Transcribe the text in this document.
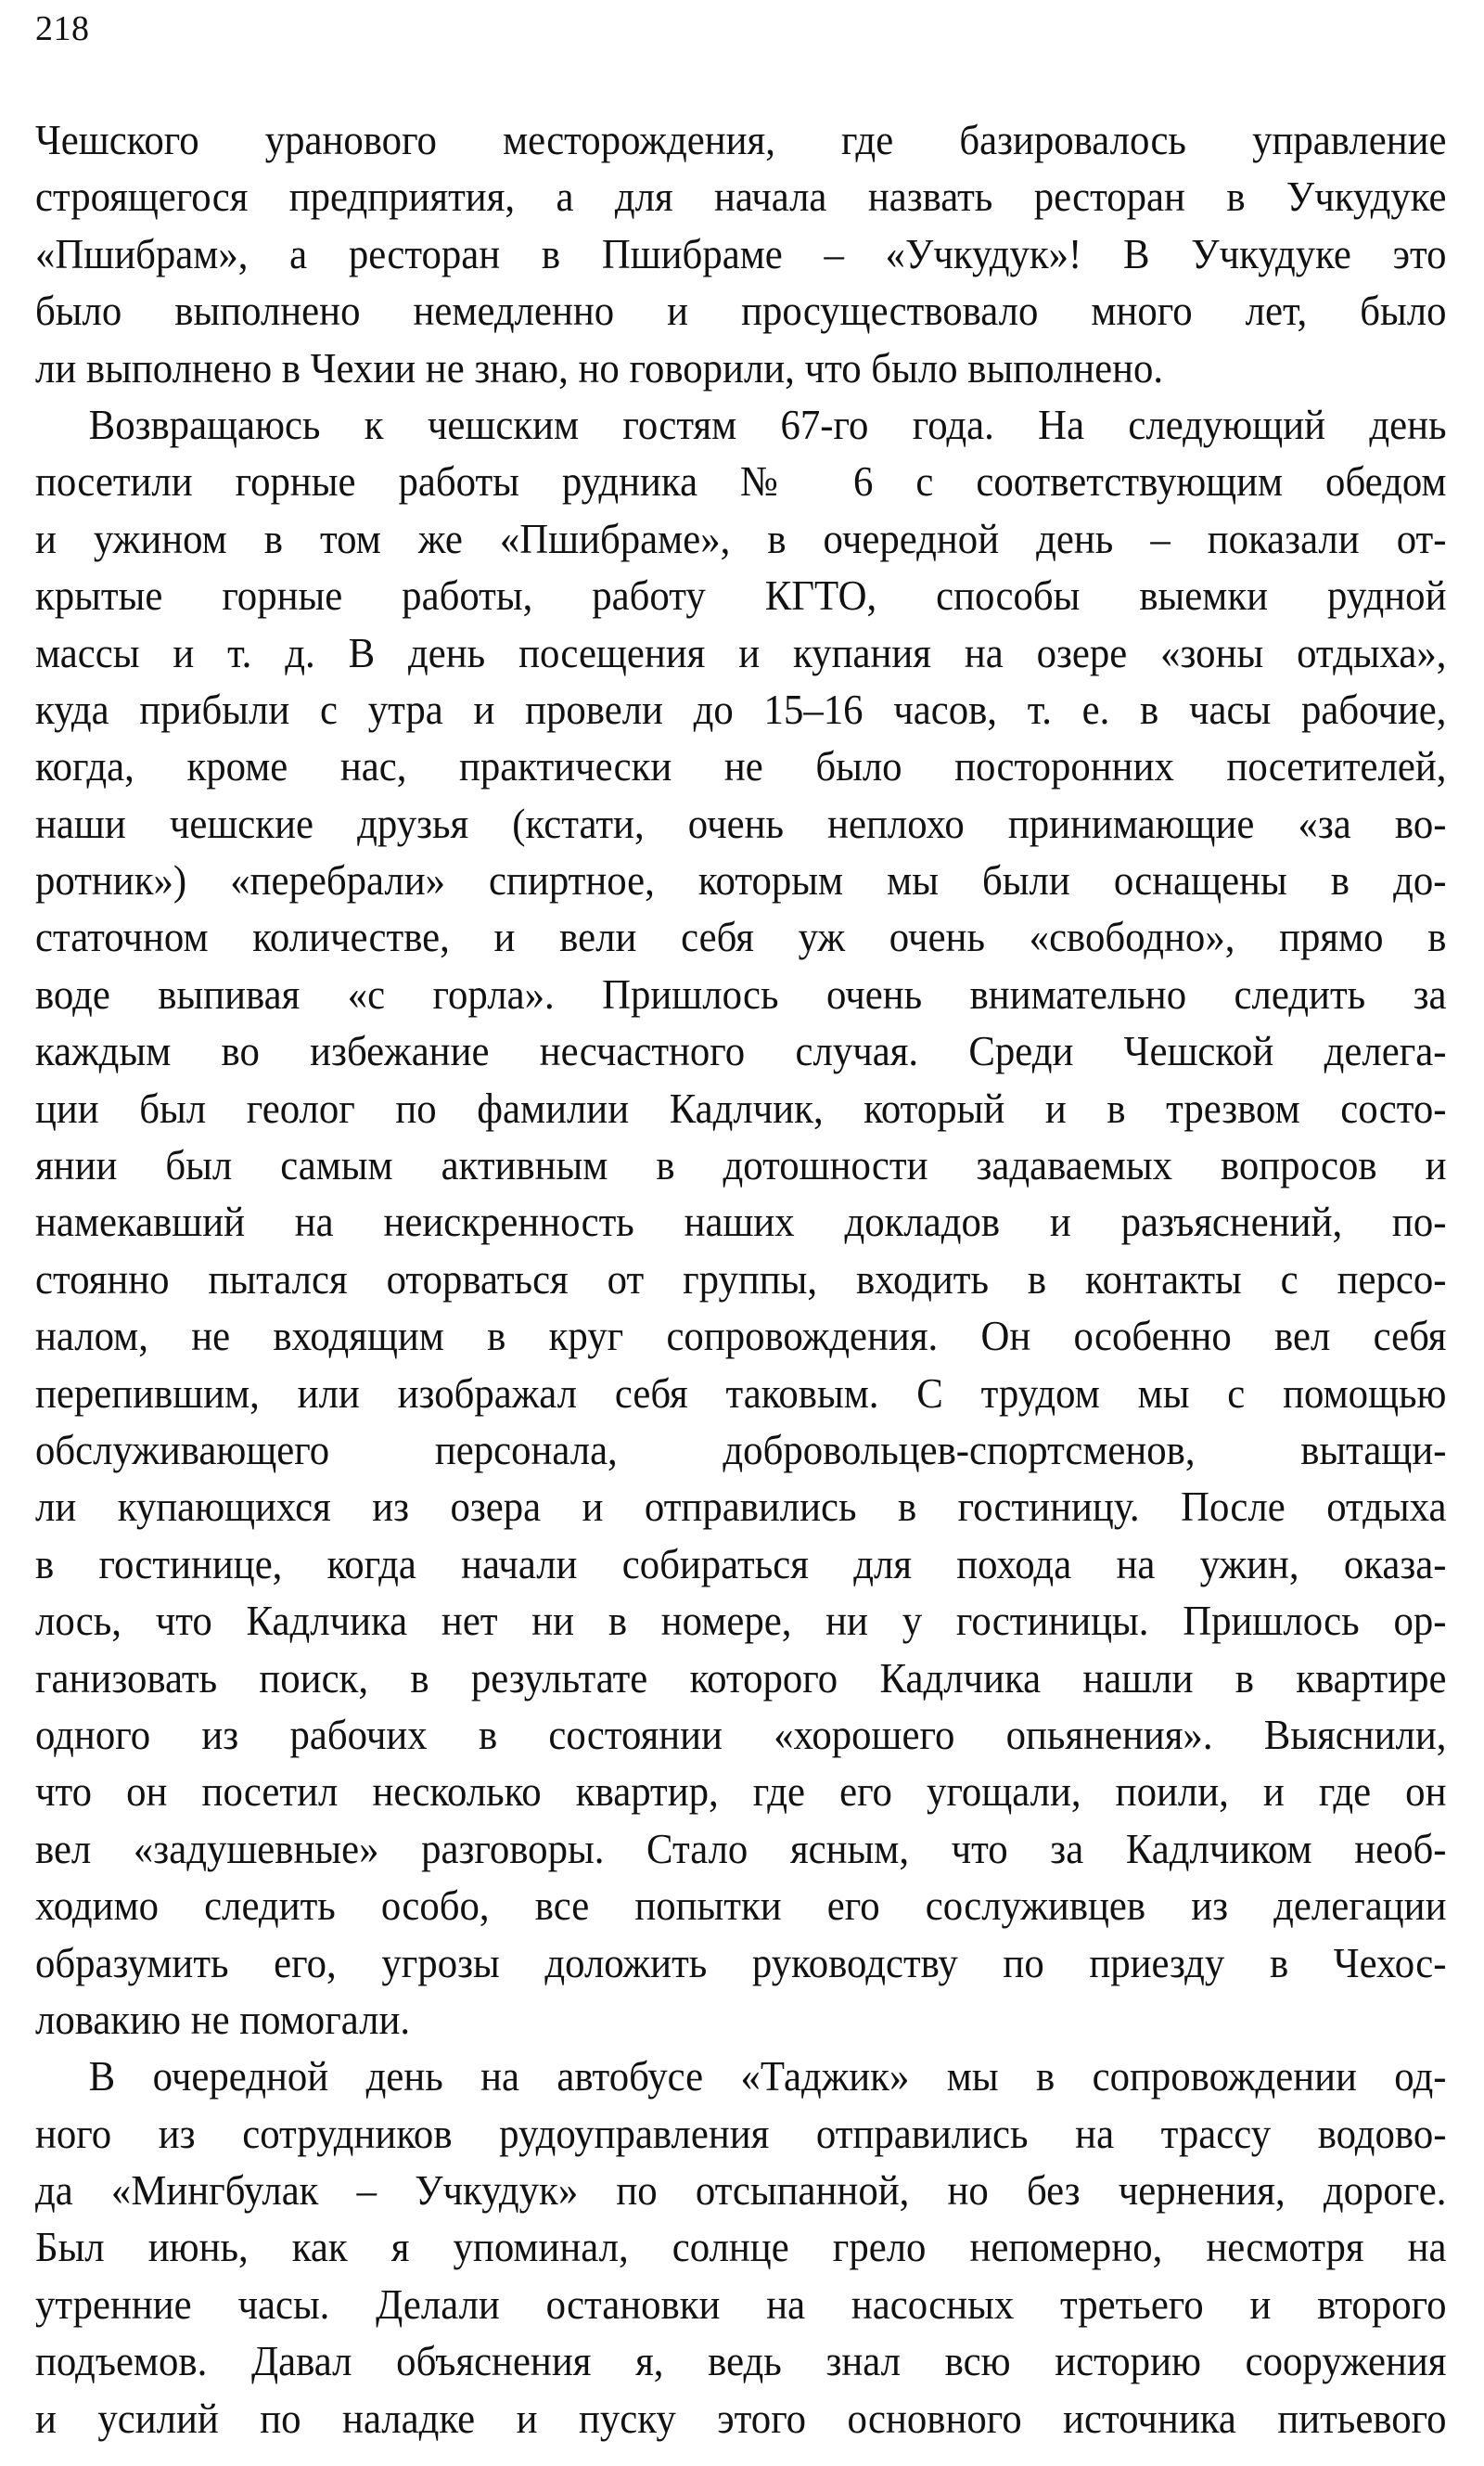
218
Чешского уранового месторождения, где базировалось управление
строящегося предприятия, а для начала назвать ресторан в Учкудуке
«Пшибрам», а ресторан в Пшибраме – «Учкудук»! В Учкудуке это
было выполнено немедленно и просуществовало много лет, было
ли выполнено в Чехии не знаю, но говорили, что было выполнено.
Возвращаюсь к чешским гостям 67-го года. На следующий день
посетили горные работы рудника № 6 с соответствующим обедом
и ужином в том же «Пшибраме», в очередной день – показали от-
крытые горные работы, работу КГТО, способы выемки рудной
массы и т. д. В день посещения и купания на озере «зоны отдыха»,
куда прибыли с утра и провели до 15–16 часов, т. е. в часы рабочие,
когда, кроме нас, практически не было посторонних посетителей,
наши чешские друзья (кстати, очень неплохо принимающие «за во-
ротник») «перебрали» спиртное, которым мы были оснащены в до-
статочном количестве, и вели себя уж очень «свободно», прямо в
воде выпивая «с горла». Пришлось очень внимательно следить за
каждым во избежание несчастного случая. Среди Чешской делега-
ции был геолог по фамилии Кадлчик, который и в трезвом состо-
янии был самым активным в дотошности задаваемых вопросов и
намекавший на неискренность наших докладов и разъяснений, по-
стоянно пытался оторваться от группы, входить в контакты с персо-
налом, не входящим в круг сопровождения. Он особенно вел себя
перепившим, или изображал себя таковым. С трудом мы с помощью
обслуживающего персонала, добровольцев-спортсменов, вытащи-
ли купающихся из озера и отправились в гостиницу. После отдыха
в гостинице, когда начали собираться для похода на ужин, оказа-
лось, что Кадлчика нет ни в номере, ни у гостиницы. Пришлось ор-
ганизовать поиск, в результате которого Кадлчика нашли в квартире
одного из рабочих в состоянии «хорошего опьянения». Выяснили,
что он посетил несколько квартир, где его угощали, поили, и где он
вел «задушевные» разговоры. Стало ясным, что за Кадлчиком необ-
ходимо следить особо, все попытки его сослуживцев из делегации
образумить его, угрозы доложить руководству по приезду в Чехос-
ловакию не помогали.
В очередной день на автобусе «Таджик» мы в сопровождении од-
ного из сотрудников рудоуправления отправились на трассу водово-
да «Мингбулак – Учкудук» по отсыпанной, но без чернения, дороге.
Был июнь, как я упоминал, солнце грело непомерно, несмотря на
утренние часы. Делали остановки на насосных третьего и второго
подъемов. Давал объяснения я, ведь знал всю историю сооружения
и усилий по наладке и пуску этого основного источника питьевого
